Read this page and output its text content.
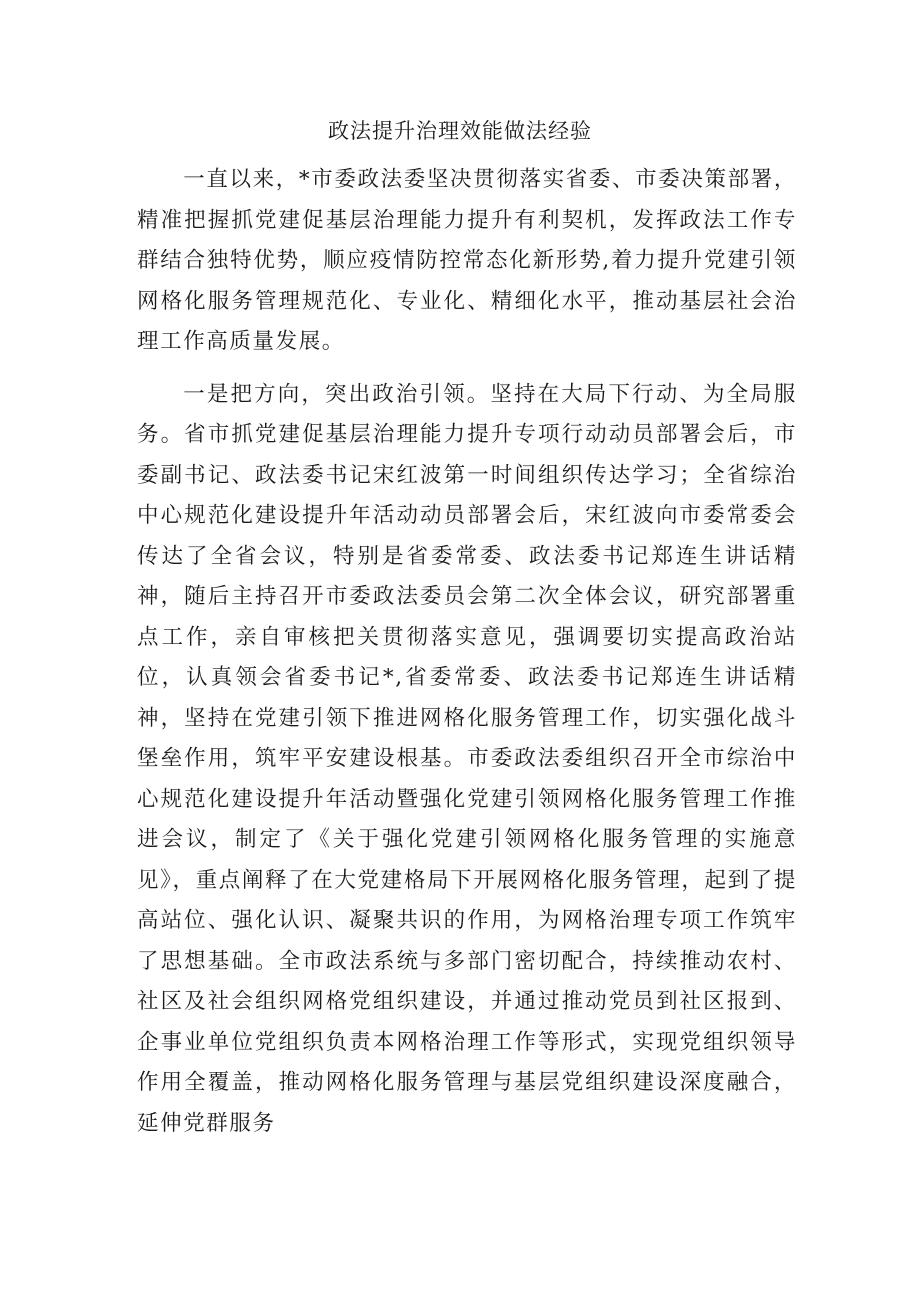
政法提升治理效能做法经验

一直以来，*市委政法委坚决贯彻落实省委、市委决策部署，精准把握抓党建促基层治理能力提升有利契机，发挥政法工作专群结合独特优势，顺应疫情防控常态化新形势,着力提升党建引领网格化服务管理规范化、专业化、精细化水平，推动基层社会治理工作高质量发展。

一是把方向，突出政治引领。坚持在大局下行动、为全局服务。省市抓党建促基层治理能力提升专项行动动员部署会后，市委副书记、政法委书记宋红波第一时间组织传达学习；全省综治中心规范化建设提升年活动动员部署会后，宋红波向市委常委会传达了全省会议，特别是省委常委、政法委书记郑连生讲话精神，随后主持召开市委政法委员会第二次全体会议，研究部署重点工作，亲自审核把关贯彻落实意见，强调要切实提高政治站位，认真领会省委书记*,省委常委、政法委书记郑连生讲话精神，坚持在党建引领下推进网格化服务管理工作，切实强化战斗堡垒作用，筑牢平安建设根基。市委政法委组织召开全市综治中心规范化建设提升年活动暨强化党建引领网格化服务管理工作推进会议，制定了《关于强化党建引领网格化服务管理的实施意见》，重点阐释了在大党建格局下开展网格化服务管理，起到了提高站位、强化认识、凝聚共识的作用，为网格治理专项工作筑牢了思想基础。全市政法系统与多部门密切配合，持续推动农村、社区及社会组织网格党组织建设，并通过推动党员到社区报到、企事业单位党组织负责本网格治理工作等形式，实现党组织领导作用全覆盖，推动网格化服务管理与基层党组织建设深度融合，延伸党群服务
